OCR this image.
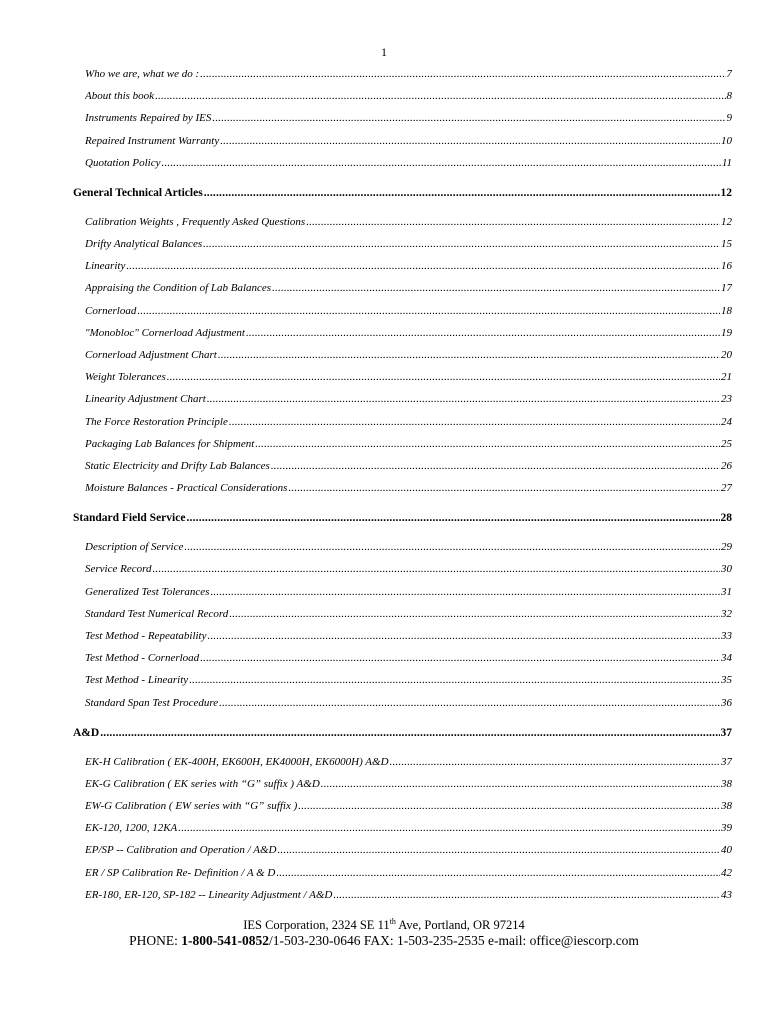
1
Who we are, what we do : .....	7
About this book .....	8
Instruments Repaired by IES .....	9
Repaired Instrument Warranty .....	10
Quotation Policy .....	11
General Technical Articles .....	12
Calibration Weights , Frequently Asked Questions .....	12
Drifty Analytical Balances .....	15
Linearity .....	16
Appraising the Condition of Lab Balances .....	17
Cornerload .....	18
"Monobloc" Cornerload Adjustment .....	19
Cornerload Adjustment Chart .....	20
Weight Tolerances .....	21
Linearity Adjustment Chart .....	23
The Force Restoration Principle .....	24
Packaging Lab Balances for Shipment .....	25
Static Electricity and Drifty Lab Balances .....	26
Moisture Balances - Practical Considerations .....	27
Standard Field Service .....	28
Description of Service .....	29
Service Record .....	30
Generalized Test Tolerances .....	31
Standard Test Numerical Record .....	32
Test Method - Repeatability .....	33
Test Method - Cornerload .....	34
Test Method - Linearity .....	35
Standard Span Test Procedure .....	36
A&D .....	37
EK-H Calibration ( EK-400H, EK600H, EK4000H, EK6000H) A&D .....	37
EK-G Calibration ( EK series with “G” suffix ) A&D .....	38
EW-G Calibration ( EW series with “G” suffix ) .....	38
EK-120, 1200, 12KA .....	39
EP/SP -- Calibration and Operation / A&D .....	40
ER / SP Calibration Re- Definition / A & D .....	42
ER-180, ER-120, SP-182 -- Linearity Adjustment / A&D .....	43
IES Corporation, 2324 SE 11th Ave, Portland, OR 97214
PHONE: 1-800-541-0852/1-503-230-0646 FAX: 1-503-235-2535 e-mail: office@iescorp.com
